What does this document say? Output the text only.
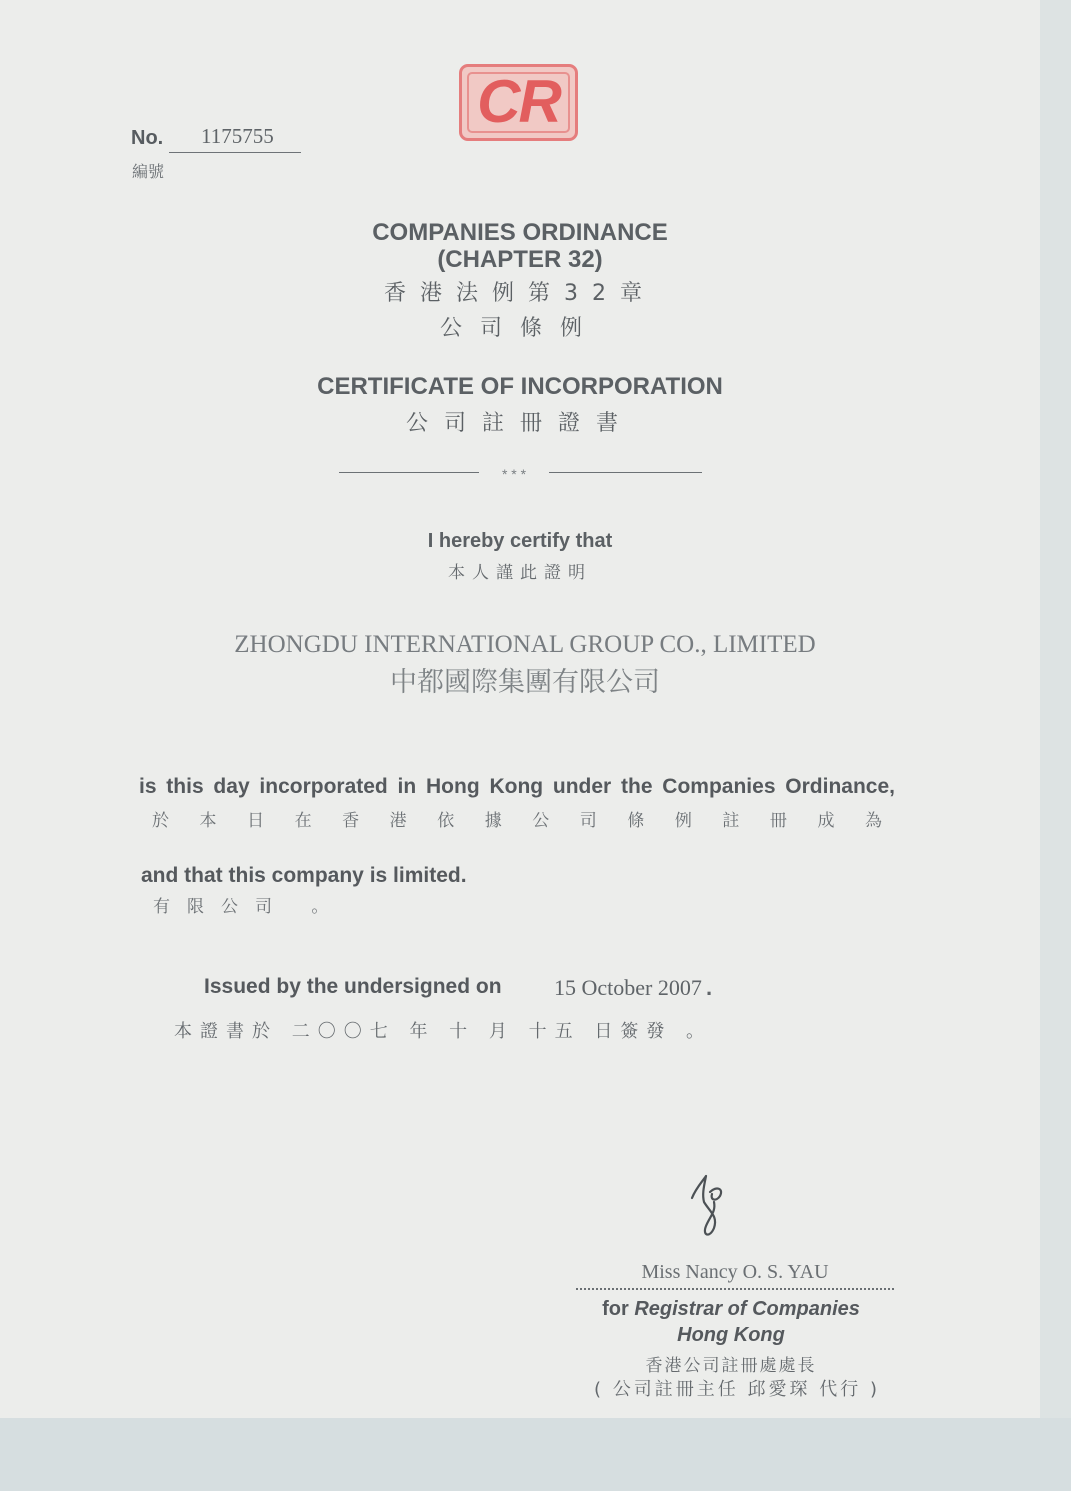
CR
No.	1175755
編號
COMPANIES ORDINANCE
(CHAPTER 32)
香港法例第32章
公司條例
CERTIFICATE OF INCORPORATION
公司註冊證書
* * *
I hereby certify that
本人謹此證明
ZHONGDU INTERNATIONAL GROUP CO., LIMITED
中都國際集團有限公司
is this day incorporated in Hong Kong under the Companies Ordinance,
於 本 日 在 香 港 依 據 公 司 條 例 註 冊 成 為
and that this company is limited.
有限公司 。
Issued by the undersigned on 15 October 2007 .
本證書於 二〇〇七 年 十 月 十五 日簽發 。
Miss Nancy O. S. YAU
for Registrar of Companies
Hong Kong
香港公司註冊處處長
( 公司註冊主任 邱愛琛 代行 )
